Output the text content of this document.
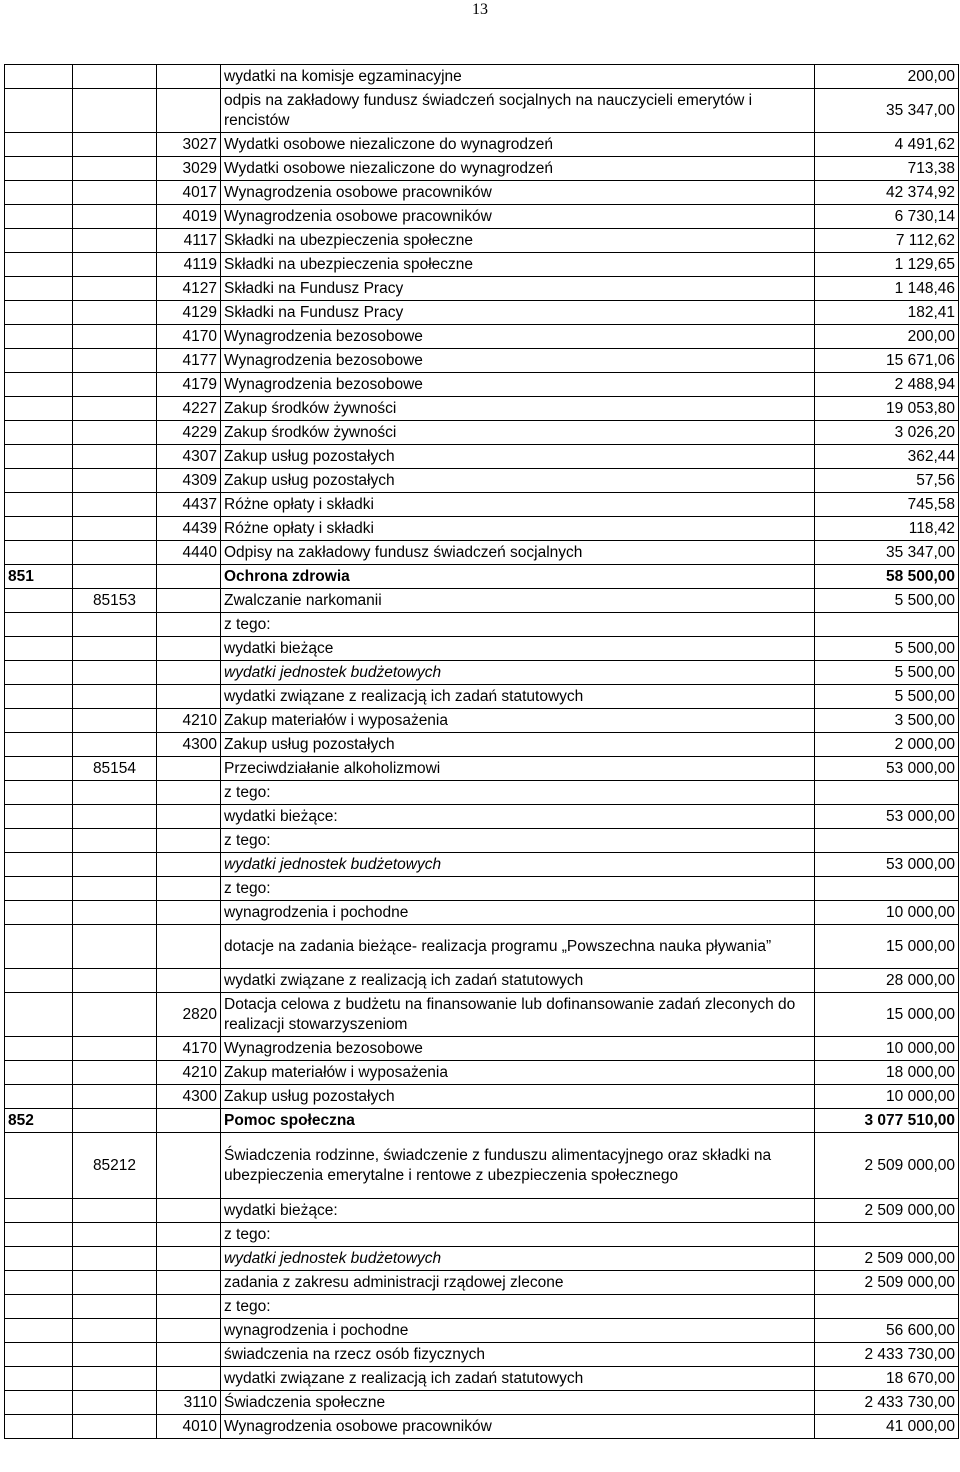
13
			wydatki na komisje egzaminacyjne	200,00
			odpis na zakładowy fundusz świadczeń socjalnych na nauczycieli emerytów i rencistów	35 347,00
		3027	Wydatki osobowe niezaliczone do wynagrodzeń	4 491,62
		3029	Wydatki osobowe niezaliczone do wynagrodzeń	713,38
		4017	Wynagrodzenia osobowe pracowników	42 374,92
		4019	Wynagrodzenia osobowe pracowników	6 730,14
		4117	Składki na ubezpieczenia społeczne	7 112,62
		4119	Składki na ubezpieczenia społeczne	1 129,65
		4127	Składki na Fundusz Pracy	1 148,46
		4129	Składki na Fundusz Pracy	182,41
		4170	Wynagrodzenia bezosobowe	200,00
		4177	Wynagrodzenia bezosobowe	15 671,06
		4179	Wynagrodzenia bezosobowe	2 488,94
		4227	Zakup środków żywności	19 053,80
		4229	Zakup środków żywności	3 026,20
		4307	Zakup usług pozostałych	362,44
		4309	Zakup usług pozostałych	57,56
		4437	Różne opłaty i składki	745,58
		4439	Różne opłaty i składki	118,42
		4440	Odpisy na zakładowy fundusz świadczeń socjalnych	35 347,00
851			Ochrona zdrowia	58 500,00
	85153		Zwalczanie narkomanii	5 500,00
			z tego:	
			wydatki bieżące	5 500,00
			wydatki jednostek budżetowych	5 500,00
			wydatki związane z realizacją ich zadań statutowych	5 500,00
		4210	Zakup materiałów i wyposażenia	3 500,00
		4300	Zakup usług pozostałych	2 000,00
	85154		Przeciwdziałanie alkoholizmowi	53 000,00
			z tego:	
			wydatki bieżące:	53 000,00
			z tego:	
			wydatki jednostek budżetowych	53 000,00
			z tego:	
			wynagrodzenia i pochodne	10 000,00
			dotacje na zadania bieżące- realizacja programu „Powszechna nauka pływania”	15 000,00
			wydatki związane z realizacją ich zadań statutowych	28 000,00
		2820	Dotacja celowa z budżetu na finansowanie lub dofinansowanie zadań zleconych do realizacji stowarzyszeniom	15 000,00
		4170	Wynagrodzenia bezosobowe	10 000,00
		4210	Zakup materiałów i wyposażenia	18 000,00
		4300	Zakup usług pozostałych	10 000,00
852			Pomoc społeczna	3 077 510,00
	85212		Świadczenia rodzinne, świadczenie z funduszu alimentacyjnego oraz składki na ubezpieczenia emerytalne i rentowe z ubezpieczenia społecznego	2 509 000,00
			wydatki bieżące:	2 509 000,00
			z tego:	
			wydatki jednostek budżetowych	2 509 000,00
			zadania z zakresu administracji rządowej zlecone	2 509 000,00
			z tego:	
			wynagrodzenia i pochodne	56 600,00
			świadczenia na rzecz osób fizycznych	2 433 730,00
			wydatki związane z realizacją ich zadań statutowych	18 670,00
		3110	Świadczenia społeczne	2 433 730,00
		4010	Wynagrodzenia osobowe pracowników	41 000,00
